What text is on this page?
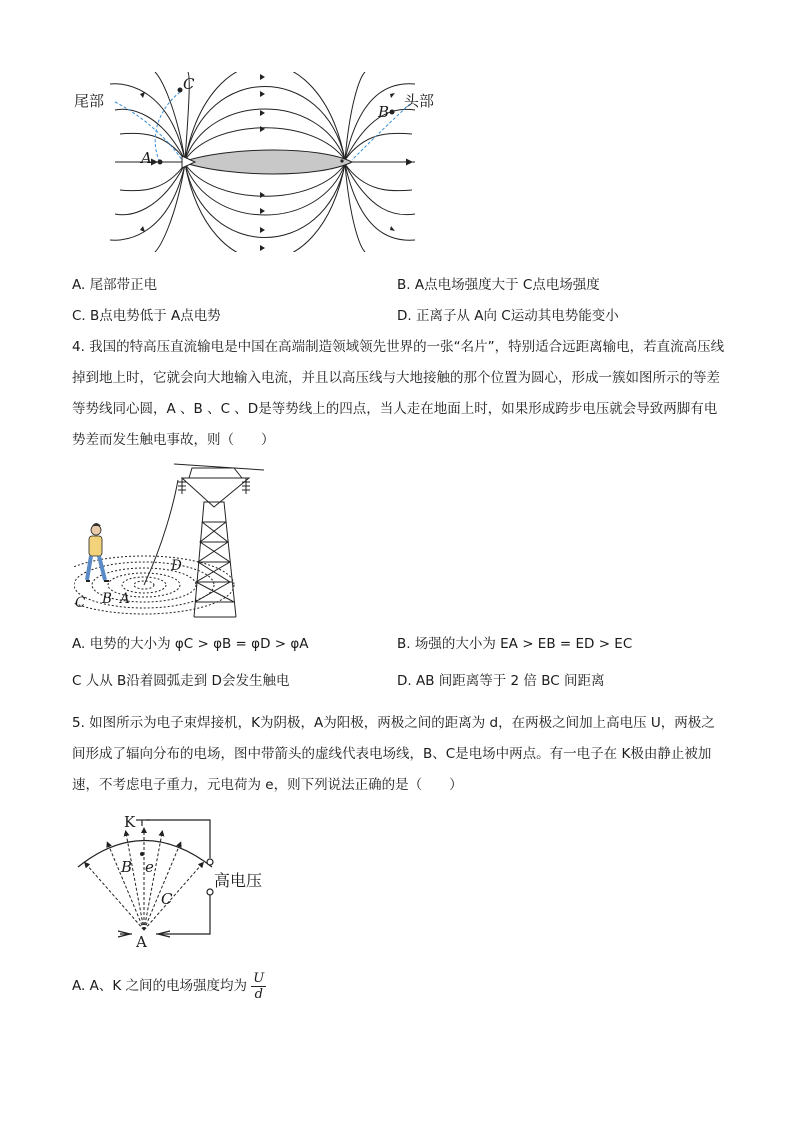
尾部	头部
C
B
A
A. 尾部带正电	B. A点电场强度大于 C点电场强度
C. B点电势低于 A点电势	D. 正离子从 A向 C运动其电势能变小
4. 我国的特高压直流输电是中国在高端制造领域领先世界的一张“名片”，特别适合远距离输电，若直流高压线掉到地上时，它就会向大地输入电流，并且以高压线与大地接触的那个位置为圆心，形成一簇如图所示的等差等势线同心圆，A 、B 、C 、D是等势线上的四点，当人走在地面上时，如果形成跨步电压就会导致两脚有电势差而发生触电事故，则（　　）
D
C B A
A. 电势的大小为 φC > φB = φD > φA	B. 场强的大小为 EA > EB = ED > EC
C 人从 B沿着圆弧走到 D会发生触电	D. AB 间距离等于 2 倍 BC 间距离
5. 如图所示为电子束焊接机，K为阴极，A为阳极，两极之间的距离为 d，在两极之间加上高电压 U，两极之间形成了辐向分布的电场，图中带箭头的虚线代表电场线，B、C是电场中两点。有一电子在 K极由静止被加速，不考虑电子重力，元电荷为 e，则下列说法正确的是（　　）
K
B e
C
高电压
A
A. A、K 之间的电场强度均为 $\frac{U}{d}$
